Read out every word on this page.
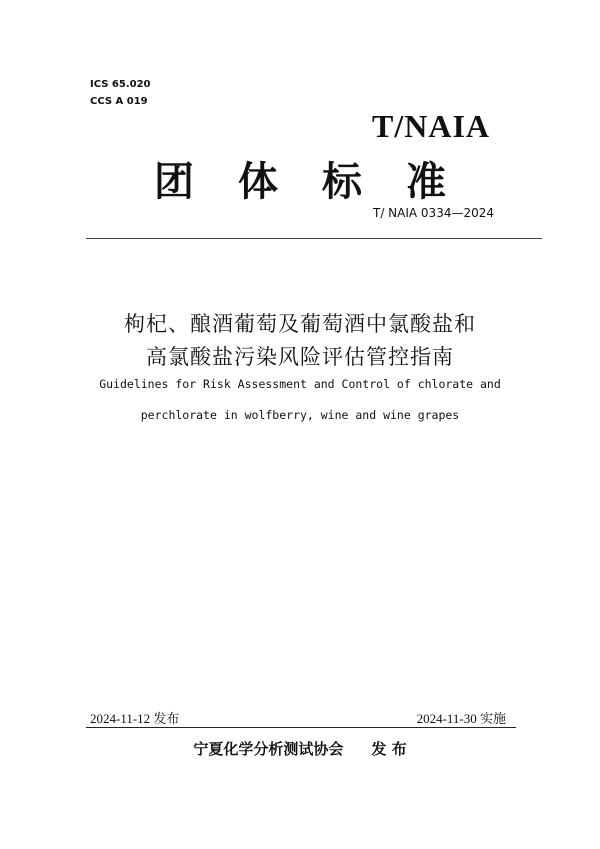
ICS 65.020
CCS A 019
T/NAIA
团体标准
T/ NAIA 0334—2024
枸杞、酿酒葡萄及葡萄酒中氯酸盐和
高氯酸盐污染风险评估管控指南
Guidelines for Risk Assessment and Control of chlorate and
perchlorate in wolfberry, wine and wine grapes
2024-11-12 发布	2024-11-30 实施
宁夏化学分析测试协会 发 布
